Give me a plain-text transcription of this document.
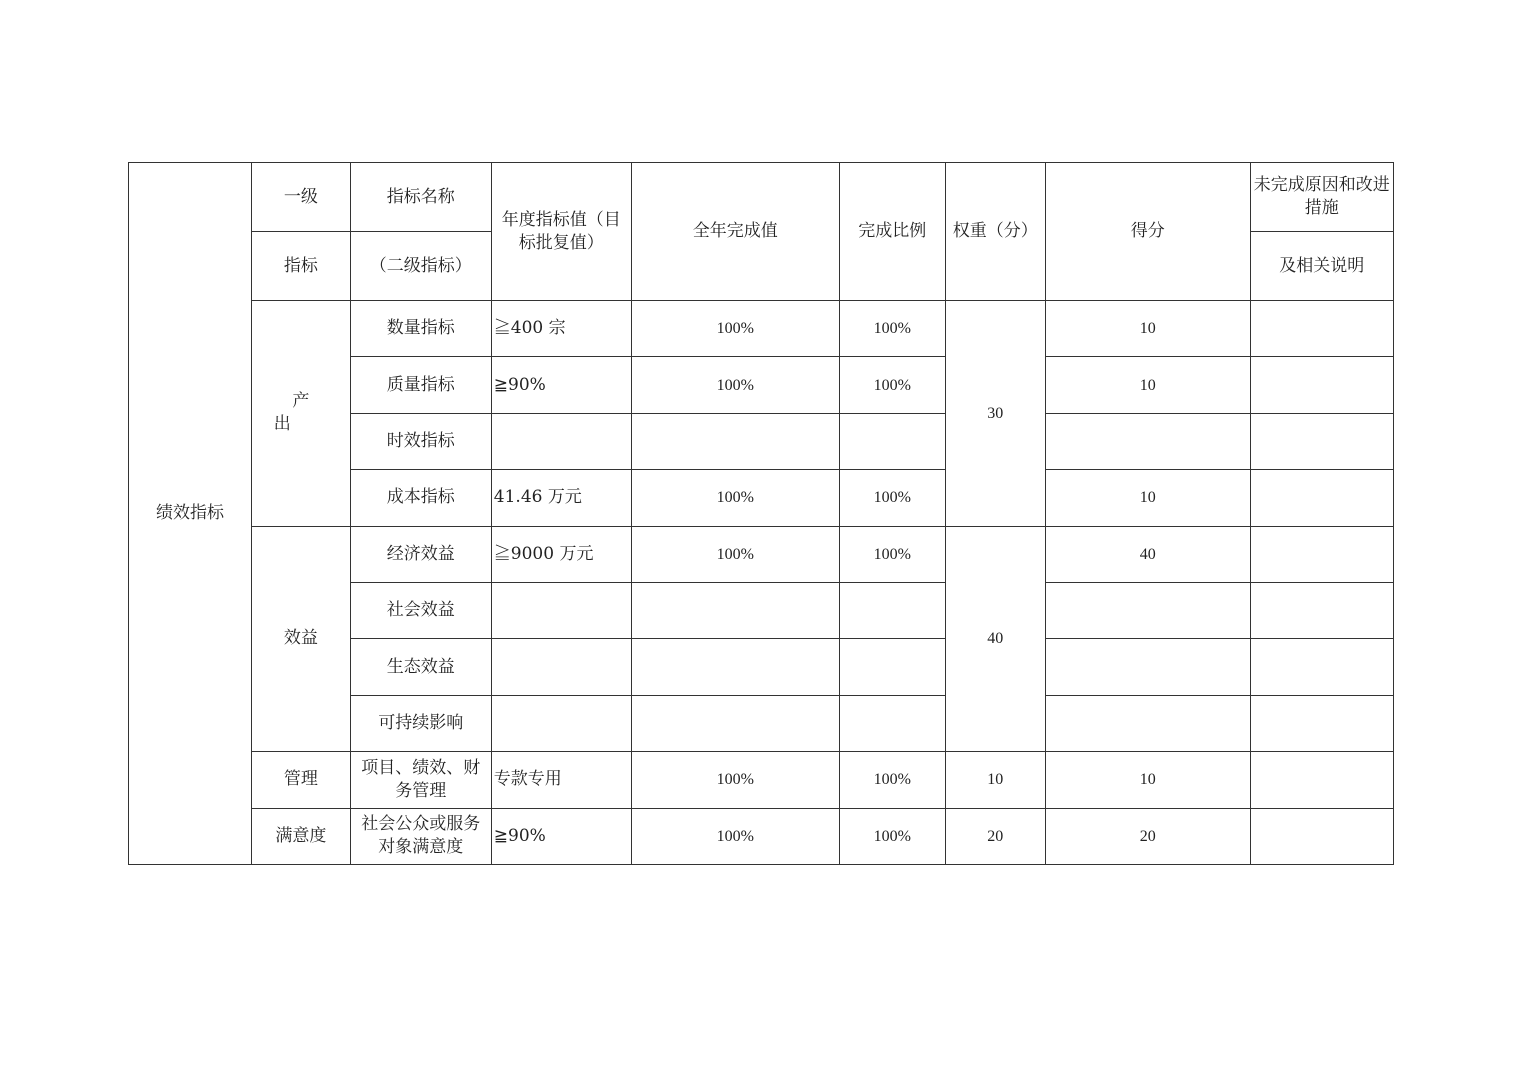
绩效指标	一级	指标名称	年度指标值（目标批复值）	全年完成值	完成比例	权重（分）	得分	未完成原因和改进措施
	指标	（二级指标）						及相关说明
	产出	数量指标	≧400 宗	100%	100%	30	10	
		质量指标	≧90%	100%	100%		10	
		时效指标						
		成本指标	41.46 万元	100%	100%		10	
	效益	经济效益	≧9000 万元	100%	100%	40	40	
		社会效益						
		生态效益						
		可持续影响						
	管理	项目、绩效、财务管理	专款专用	100%	100%	10	10	
	满意度	社会公众或服务对象满意度	≧90%	100%	100%	20	20	
